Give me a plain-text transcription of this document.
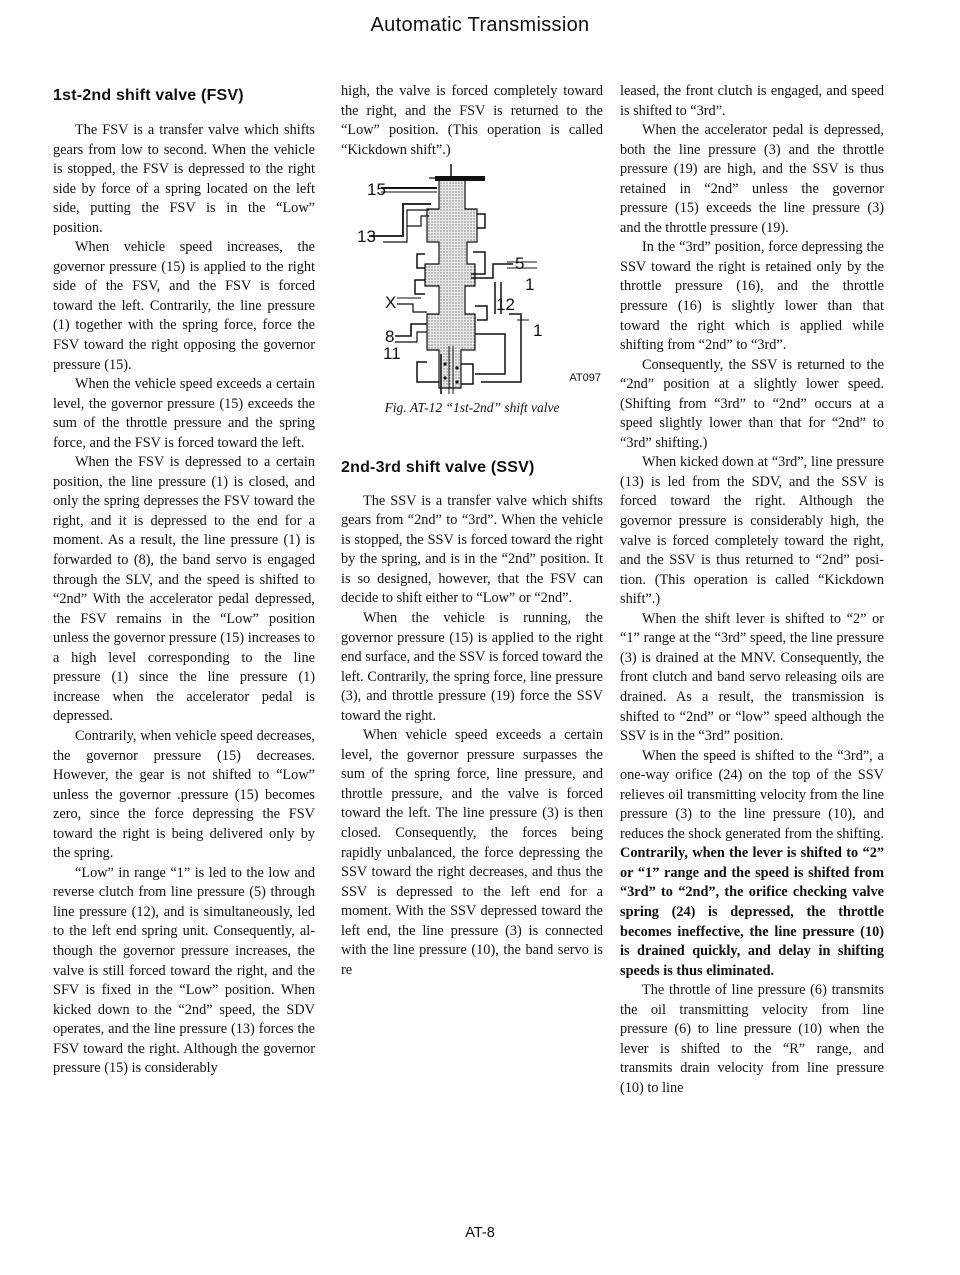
Automatic Transmission
1st-2nd shift valve (FSV)

The FSV is a transfer valve which shifts gears from low to second. When the vehicle is stopped, the FSV is depressed to the right side by force of a spring located on the left side, putting the FSV is in the “Low” position.

When vehicle speed increases, the governor pressure (15) is applied to the right side of the FSV, and the FSV is forced toward the left. Contrarily, the line pressure (1) together with the spring force, force the FSV toward the right opposing the governor pressure (15).

When the vehicle speed exceeds a certain level, the governor pressure (15) exceeds the sum of the throttle pressure and the spring force, and the FSV is forced toward the left.

When the FSV is depressed to a certain position, the line pressure (1) is closed, and only the spring depresses the FSV toward the right, and it is depressed to the end for a moment. As a result, the line pressure (1) is forwarded to (8), the band servo is engaged through the SLV, and the speed is shifted to “2nd” With the accelerator pedal depressed, the FSV remains in the “Low” position unless the governor pressure (15) increases to a high level corresponding to the line pressure (1) since the line pressure (1) increase when the accelerator pedal is depressed.

Contrarily, when vehicle speed decreases, the governor pressure (15) decreases. However, the gear is not shifted to “Low” unless the governor .pressure (15) becomes zero, since the force depressing the FSV toward the right is being delivered only by the spring.

“Low” in range “1” is led to the low and reverse clutch from line pressure (5) through line pressure (12), and is simultaneously, led to the left end spring unit. Consequently, although the governor pressure increases, the valve is still forced toward the right, and the SFV is fixed in the “Low” position. When kicked down to the “2nd” speed, the SDV operates, and the line pressure (13) forces the FSV toward the right. Although the governor pressure (15) is considerably

high, the valve is forced completely toward the right, and the FSV is returned to the “Low” position. (This operation is called “Kickdown shift”.)

15
13
5
1
12
X
8
11
1
AT097
Fig. AT-12 “1st-2nd” shift valve
2nd-3rd shift valve (SSV)

The SSV is a transfer valve which shifts gears from “2nd” to “3rd”. When the vehicle is stopped, the SSV is forced toward the right by the spring, and is in the “2nd” position. It is so designed, however, that the FSV can decide to shift either to “Low” or “2nd”.

When the vehicle is running, the governor pressure (15) is applied to the right end surface, and the SSV is forced toward the left. Contrarily, the spring force, line pressure (3), and throttle pressure (19) force the SSV toward the right.

When vehicle speed exceeds a certain level, the governor pressure surpasses the sum of the spring force, line pressure, and throttle pressure, and the valve is forced toward the left. The line pressure (3) is then closed. Consequently, the forces being rapidly unbalanced, the force depressing the SSV toward the right decreases, and thus the SSV is depressed to the left end for a moment. With the SSV depressed toward the left end, the line pressure (3) is connected with the line pressure (10), the band servo is re

leased, the front clutch is engaged, and speed is shifted to “3rd”.

When the accelerator pedal is depressed, both the line pressure (3) and the throttle pressure (19) are high, and the SSV is thus retained in “2nd” unless the governor pressure (15) exceeds the line pressure (3) and the throttle pressure (19).

In the “3rd” position, force depressing the SSV toward the right is retained only by the throttle pressure (16), and the throttle pressure (16) is slightly lower than that toward the right which is applied while shifting from “2nd” to “3rd”.

Consequently, the SSV is returned to the “2nd” position at a slightly lower speed. (Shifting from “3rd” to “2nd” occurs at a speed slightly lower than that for “2nd” to “3rd” shifting.)

When kicked down at “3rd”, line pressure (13) is led from the SDV, and the SSV is forced toward the right. Although the governor pressure is considerably high, the valve is forced completely toward the right, and the SSV is thus returned to “2nd” position. (This operation is called “Kickdown shift”.)

When the shift lever is shifted to “2” or “1” range at the “3rd” speed, the line pressure (3) is drained at the MNV. Consequently, the front clutch and band servo releasing oils are drained. As a result, the transmission is shifted to “2nd” or “low” speed although the SSV is in the “3rd” position.

When the speed is shifted to the “3rd”, a one-way orifice (24) on the top of the SSV relieves oil transmitting velocity from the line pressure (3) to the line pressure (10), and reduces the shock generated from the shifting. Contrarily, when the lever is shifted to “2” or “1” range and the speed is shifted from “3rd” to “2nd”, the orifice checking valve spring (24) is depressed, the throttle becomes ineffective, the line pressure (10) is drained quickly, and delay in shifting speeds is thus eliminated.

The throttle of line pressure (6) transmits the oil transmitting velocity from line pressure (6) to line pressure (10) when the lever is shifted to the “R” range, and transmits drain velocity from line pressure (10) to line

AT-8
